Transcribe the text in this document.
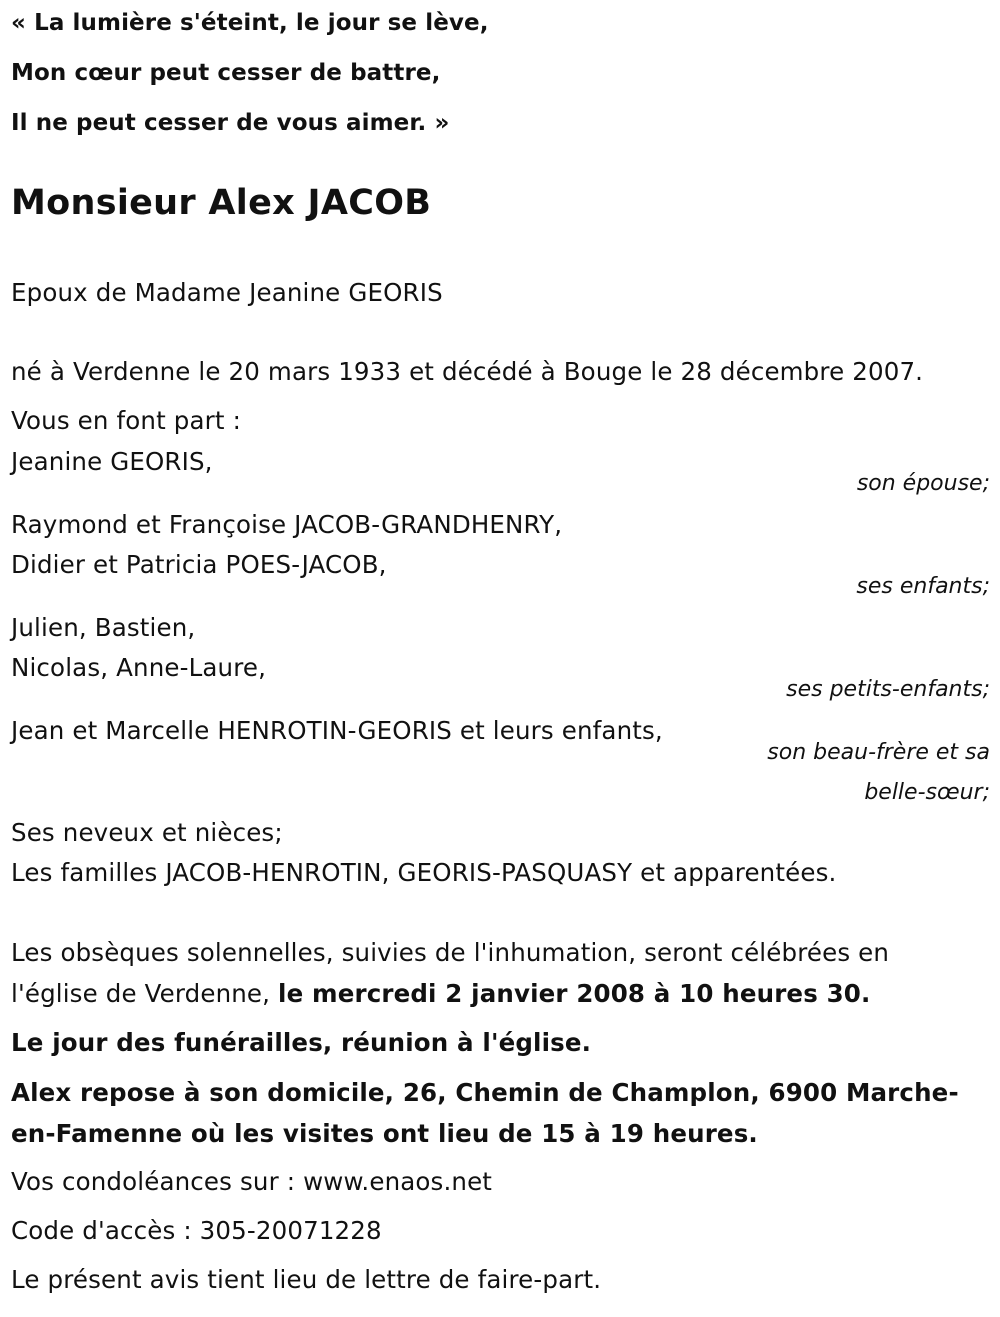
« La lumière s'éteint, le jour se lève,
Mon cœur peut cesser de battre,
Il ne peut cesser de vous aimer. »
Monsieur Alex JACOB
Epoux de Madame Jeanine GEORIS
né à Verdenne le 20 mars 1933 et décédé à Bouge le 28 décembre 2007.
Vous en font part :
Jeanine GEORIS,
son épouse;
Raymond et Françoise JACOB-GRANDHENRY,
Didier et Patricia POES-JACOB,
ses enfants;
Julien, Bastien,
Nicolas, Anne-Laure,
ses petits-enfants;
Jean et Marcelle HENROTIN-GEORIS et leurs enfants,
son beau-frère et sa
belle-sœur;
Ses neveux et nièces;
Les familles JACOB-HENROTIN, GEORIS-PASQUASY et apparentées.
Les obsèques solennelles, suivies de l'inhumation, seront célébrées en
l'église de Verdenne, le mercredi 2 janvier 2008 à 10 heures 30.
Le jour des funérailles, réunion à l'église.
Alex repose à son domicile, 26, Chemin de Champlon, 6900 Marche-
en-Famenne où les visites ont lieu de 15 à 19 heures.
Vos condoléances sur : www.enaos.net
Code d'accès : 305-20071228
Le présent avis tient lieu de lettre de faire-part.
